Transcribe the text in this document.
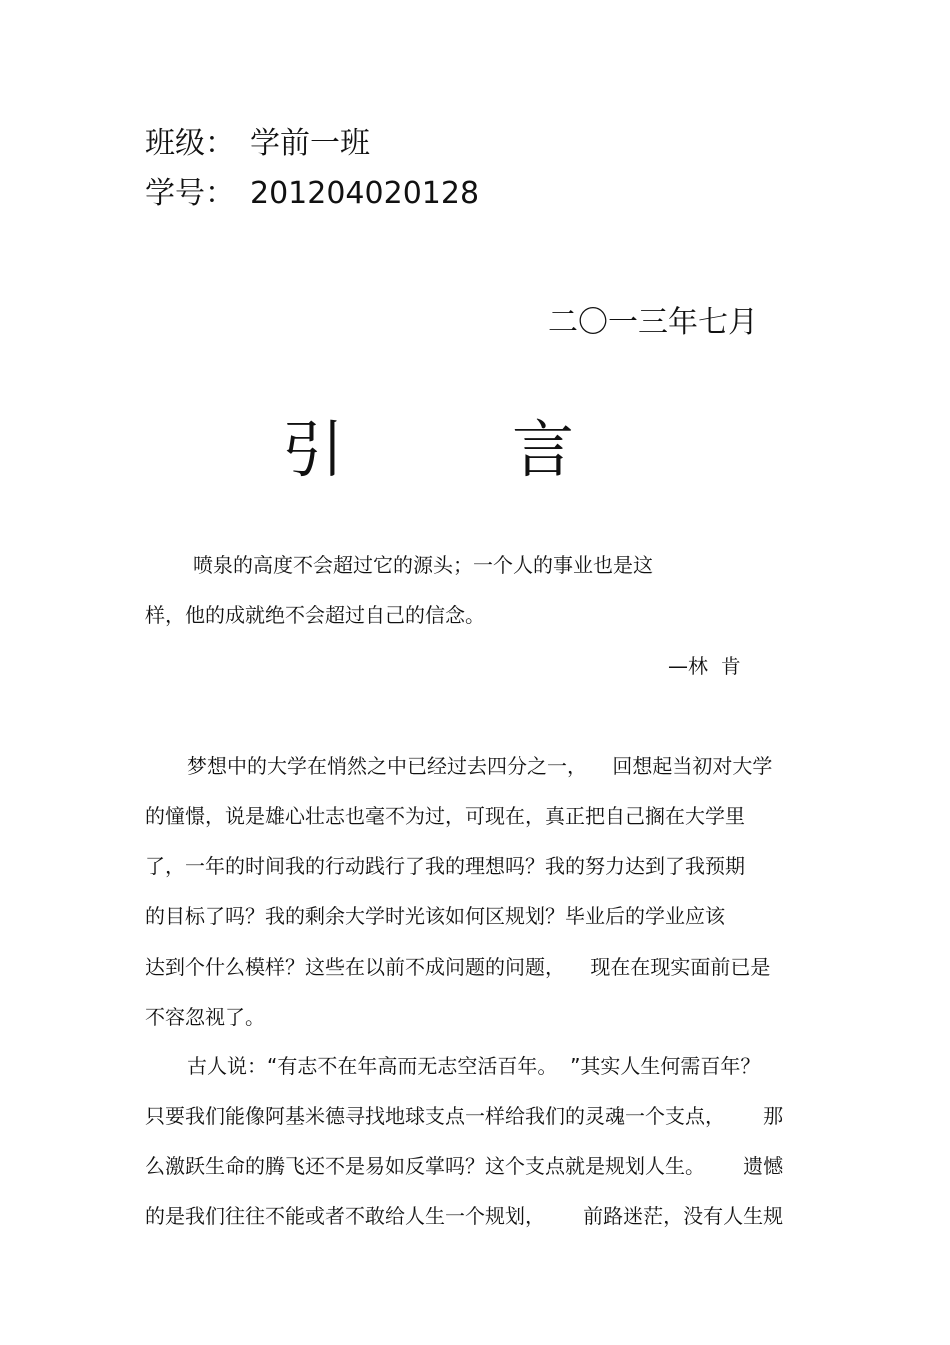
班级： 学前一班
学号： 201204020128
二〇一三年七月
引	言
喷泉的高度不会超过它的源头；一个人的事业也是这
样，他的成就绝不会超过自己的信念。
—林  肯
梦想中的大学在悄然之中已经过去四分之一，    回想起当初对大学
的憧憬，说是雄心壮志也毫不为过，可现在，真正把自己搁在大学里
了，一年的时间我的行动践行了我的理想吗？我的努力达到了我预期
的目标了吗？我的剩余大学时光该如何区规划？毕业后的学业应该
达到个什么模样？这些在以前不成问题的问题，    现在在现实面前已是
不容忽视了。
古人说：“有志不在年高而无志空活百年。  ”其实人生何需百年？
只要我们能像阿基米德寻找地球支点一样给我们的灵魂一个支点，      那
么激跃生命的腾飞还不是易如反掌吗？这个支点就是规划人生。      遗憾
的是我们往往不能或者不敢给人生一个规划，      前路迷茫，没有人生规
